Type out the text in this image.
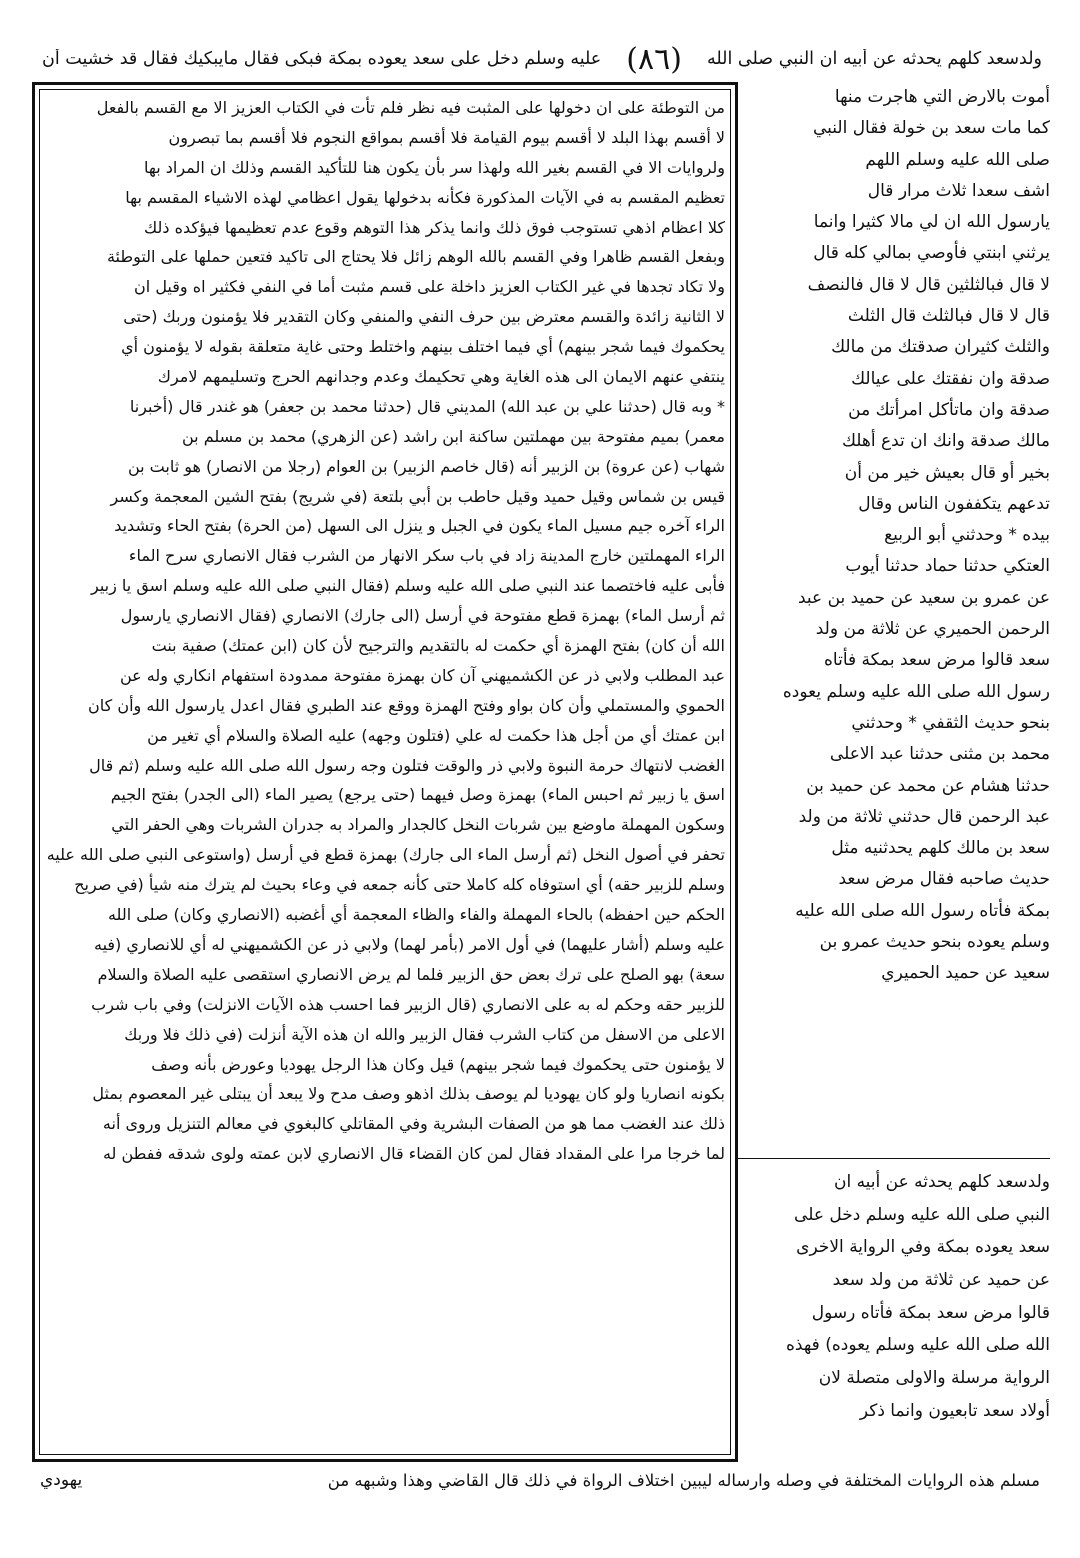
ولدسعد كلهم يحدثه عن أبيه ان النبي صلى الله
( ٨٦ )
عليه وسلم دخل على سعد يعوده بمكة فبكى فقال مايبكيك فقال قد خشيت أن
أموت بالارض التي هاجرت منها
كما مات سعد بن خولة فقال النبي
صلى الله عليه وسلم اللهم
اشف سعدا ثلاث مرار قال
يارسول الله ان لي مالا كثيرا وانما
يرثني ابنتي فأوصي بمالي كله قال
لا قال فبالثلثين قال لا قال فالنصف
قال لا قال فبالثلث قال الثلث
والثلث كثيران صدقتك من مالك
صدقة وان نفقتك على عيالك
صدقة وان ماتأكل امرأتك من
مالك صدقة وانك ان تدع أهلك
بخير أو قال بعيش خير من أن
تدعهم يتكففون الناس وقال
بيده * وحدثني أبو الربيع
العتكي حدثنا حماد حدثنا أيوب
عن عمرو بن سعيد عن حميد بن عبد
الرحمن الحميري عن ثلاثة من ولد
سعد قالوا مرض سعد بمكة فأتاه
رسول الله صلى الله عليه وسلم يعوده
بنحو حديث الثقفي * وحدثني
محمد بن مثنى حدثنا عبد الاعلى
حدثنا هشام عن محمد عن حميد بن
عبد الرحمن قال حدثني ثلاثة من ولد
سعد بن مالك كلهم يحدثنيه مثل
حديث صاحبه فقال مرض سعد
بمكة فأتاه رسول الله صلى الله عليه
وسلم يعوده بنحو حديث عمرو بن
سعيد عن حميد الحميري
ولدسعد كلهم يحدثه عن أبيه ان
النبي صلى الله عليه وسلم دخل على
سعد يعوده بمكة وفي الرواية الاخرى
عن حميد عن ثلاثة من ولد سعد
قالوا مرض سعد بمكة فأتاه رسول
الله صلى الله عليه وسلم يعوده) فهذه
الرواية مرسلة والاولى متصلة لان
أولاد سعد تابعيون وانما ذكر
من التوطئة على ان دخولها على المثبت فيه نظر فلم تأت في الكتاب العزيز الا مع القسم بالفعل
لا أقسم بهذا البلد لا أقسم بيوم القيامة فلا أقسم بمواقع النجوم فلا أقسم بما تبصرون
ولروايات الا في القسم بغير الله ولهذا سر بأن يكون هنا للتأكيد القسم وذلك ان المراد بها
تعظيم المقسم به في الآيات المذكورة فكأنه بدخولها يقول اعظامي لهذه الاشياء المقسم بها
كلا اعظام اذهي تستوجب فوق ذلك وانما يذكر هذا التوهم وقوع عدم تعظيمها فيؤكده ذلك
وبفعل القسم ظاهرا وفي القسم بالله الوهم زائل فلا يحتاج الى تاكيد فتعين حملها على التوطئة
ولا تكاد تجدها في غير الكتاب العزيز داخلة على قسم مثبت أما في النفي فكثير اه وقيل ان
لا الثانية زائدة والقسم معترض بين حرف النفي والمنفي وكان التقدير فلا يؤمنون وربك (حتى
يحكموك فيما شجر بينهم) أي فيما اختلف بينهم واختلط وحتى غاية متعلقة بقوله لا يؤمنون أي
ينتفي عنهم الايمان الى هذه الغاية وهي تحكيمك وعدم وجدانهم الحرج وتسليمهم لامرك
* وبه قال (حدثنا علي بن عبد الله) المديني قال (حدثنا محمد بن جعفر) هو غندر قال (أخبرنا
معمر) بميم مفتوحة بين مهملتين ساكنة ابن راشد (عن الزهري) محمد بن مسلم بن
شهاب (عن عروة) بن الزبير أنه (قال خاصم الزبير) بن العوام (رجلا من الانصار) هو ثابت بن
قيس بن شماس وقيل حميد وقيل حاطب بن أبي بلتعة (في شريج) بفتح الشين المعجمة وكسر
الراء آخره جيم مسيل الماء يكون في الجبل و ينزل الى السهل (من الحرة) بفتح الحاء وتشديد
الراء المهملتين خارج المدينة زاد في باب سكر الانهار من الشرب فقال الانصاري سرح الماء
فأبى عليه فاختصما عند النبي صلى الله عليه وسلم (فقال النبي صلى الله عليه وسلم اسق يا زبير
ثم أرسل الماء) بهمزة قطع مفتوحة في أرسل (الى جارك) الانصاري (فقال الانصاري يارسول
الله أن كان) بفتح الهمزة أي حكمت له بالتقديم والترجيح لأن كان (ابن عمتك) صفية بنت
عبد المطلب ولابي ذر عن الكشميهني آن كان بهمزة مفتوحة ممدودة استفهام انكاري وله عن
الحموي والمستملي وأن كان بواو وفتح الهمزة ووقع عند الطبري فقال اعدل يارسول الله وأن كان
ابن عمتك أي من أجل هذا حكمت له علي (فتلون وجهه) عليه الصلاة والسلام أي تغير من
الغضب لانتهاك حرمة النبوة ولابي ذر والوقت فتلون وجه رسول الله صلى الله عليه وسلم (ثم قال
اسق يا زبير ثم احبس الماء) بهمزة وصل فيهما (حتى يرجع) يصير الماء (الى الجدر) بفتح الجيم
وسكون المهملة ماوضع بين شربات النخل كالجدار والمراد به جدران الشربات وهي الحفر التي
تحفر في أصول النخل (ثم أرسل الماء الى جارك) بهمزة قطع في أرسل (واستوعى النبي صلى الله عليه
وسلم للزبير حقه) أي استوفاه كله كاملا حتى كأنه جمعه في وعاء بحيث لم يترك منه شيأ (في صريح
الحكم حين احفظه) بالحاء المهملة والفاء والظاء المعجمة أي أغضبه (الانصاري وكان) صلى الله
عليه وسلم (أشار عليهما) في أول الامر (بأمر لهما) ولابي ذر عن الكشميهني له أي للانصاري (فيه
سعة) بهو الصلح على ترك بعض حق الزبير فلما لم يرض الانصاري استقصى عليه الصلاة والسلام
للزبير حقه وحكم له به على الانصاري (قال الزبير فما احسب هذه الآيات الانزلت) وفي باب شرب
الاعلى من الاسفل من كتاب الشرب فقال الزبير والله ان هذه الآية أنزلت (في ذلك فلا وربك
لا يؤمنون حتى يحكموك فيما شجر بينهم) قيل وكان هذا الرجل يهوديا وعورض بأنه وصف
بكونه انصاريا ولو كان يهوديا لم يوصف بذلك اذهو وصف مدح ولا يبعد أن يبتلى غير المعصوم بمثل
ذلك عند الغضب مما هو من الصفات البشرية وفي المقاتلي كالبغوي في معالم التنزيل وروى أنه
لما خرجا مرا على المقداد فقال لمن كان القضاء قال الانصاري لابن عمته ولوى شدقه ففطن له
مسلم هذه الروايات المختلفة في وصله وارساله ليبين اختلاف الرواة في ذلك قال القاضي وهذا وشبهه من
يهودي
